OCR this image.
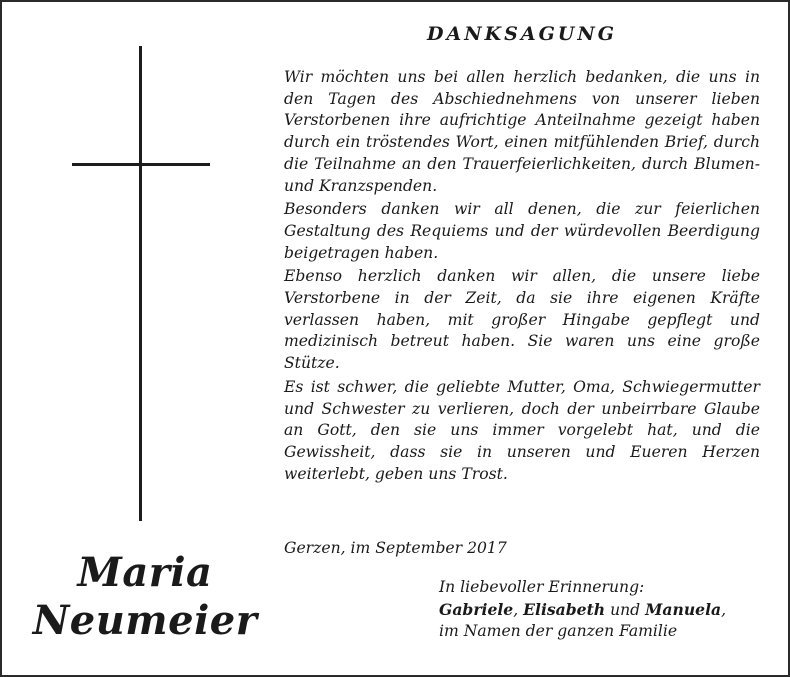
Maria
Neumeier
DANKSAGUNG

Wir möchten uns bei allen herzlich bedanken, die uns in den Tagen des Abschiednehmens von unserer lieben Verstorbenen ihre aufrichtige Anteilnahme gezeigt haben durch ein tröstendes Wort, einen mitfühlenden Brief, durch die Teilnahme an den Trauerfeierlichkeiten, durch Blumen- und Kranzspenden.

Besonders danken wir all denen, die zur feierlichen Gestaltung des Requiems und der würdevollen Beerdigung beigetragen haben.

Ebenso herzlich danken wir allen, die unsere liebe Verstorbene in der Zeit, da sie ihre eigenen Kräfte verlassen haben, mit großer Hingabe gepflegt und medizinisch betreut haben. Sie waren uns eine große Stütze.

Es ist schwer, die geliebte Mutter, Oma, Schwiegermutter und Schwester zu verlieren, doch der unbeirrbare Glaube an Gott, den sie uns immer vorgelebt hat, und die Gewissheit, dass sie in unseren und Eueren Herzen weiterlebt, geben uns Trost.

Gerzen, im September 2017
In liebevoller Erinnerung:
Gabriele, Elisabeth und Manuela,
im Namen der ganzen Familie
